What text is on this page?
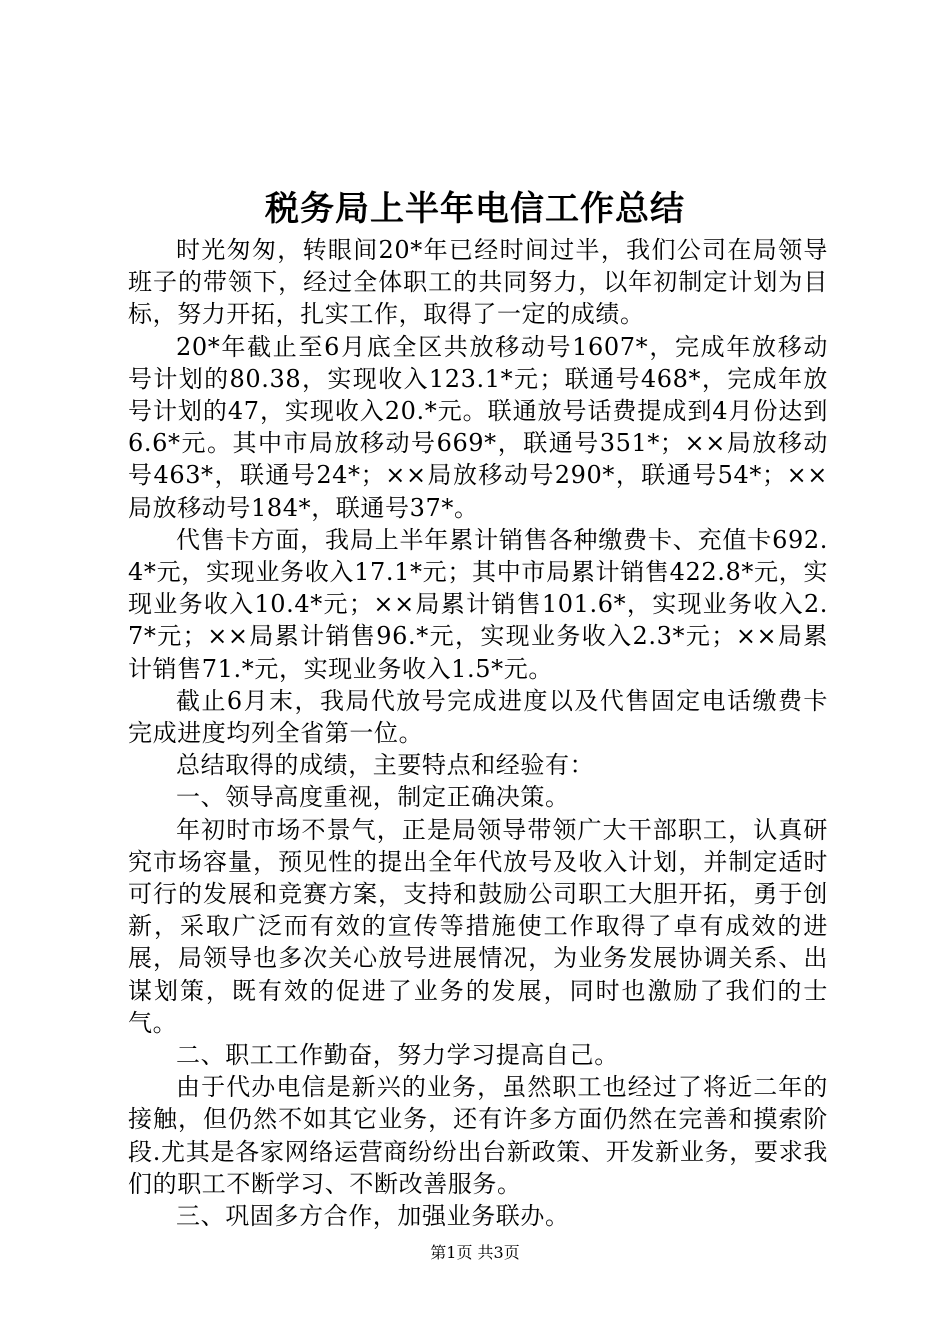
税务局上半年电信工作总结

时光匆匆，转眼间20*年已经时间过半，我们公司在局领导班子的带领下，经过全体职工的共同努力，以年初制定计划为目标，努力开拓，扎实工作，取得了一定的成绩。

20*年截止至6月底全区共放移动号1607*，完成年放移动号计划的80.38，实现收入123.1*元；联通号468*，完成年放号计划的47，实现收入20.*元。联通放号话费提成到4月份达到6.6*元。其中市局放移动号669*，联通号351*；××局放移动号463*，联通号24*；××局放移动号290*，联通号54*；××局放移动号184*，联通号37*。

代售卡方面，我局上半年累计销售各种缴费卡、充值卡692.4*元，实现业务收入17.1*元；其中市局累计销售422.8*元，实现业务收入10.4*元；××局累计销售101.6*，实现业务收入2.7*元；××局累计销售96.*元，实现业务收入2.3*元；××局累计销售71.*元，实现业务收入1.5*元。

截止6月末，我局代放号完成进度以及代售固定电话缴费卡完成进度均列全省第一位。

总结取得的成绩，主要特点和经验有：

一、领导高度重视，制定正确决策。

年初时市场不景气，正是局领导带领广大干部职工，认真研究市场容量，预见性的提出全年代放号及收入计划，并制定适时可行的发展和竞赛方案，支持和鼓励公司职工大胆开拓，勇于创新，采取广泛而有效的宣传等措施使工作取得了卓有成效的进展，局领导也多次关心放号进展情况，为业务发展协调关系、出谋划策，既有效的促进了业务的发展，同时也激励了我们的士气。

二、职工工作勤奋，努力学习提高自己。

由于代办电信是新兴的业务，虽然职工也经过了将近二年的接触，但仍然不如其它业务，还有许多方面仍然在完善和摸索阶段.尤其是各家网络运营商纷纷出台新政策、开发新业务，要求我们的职工不断学习、不断改善服务。

三、巩固多方合作，加强业务联办。

第1页 共3页
